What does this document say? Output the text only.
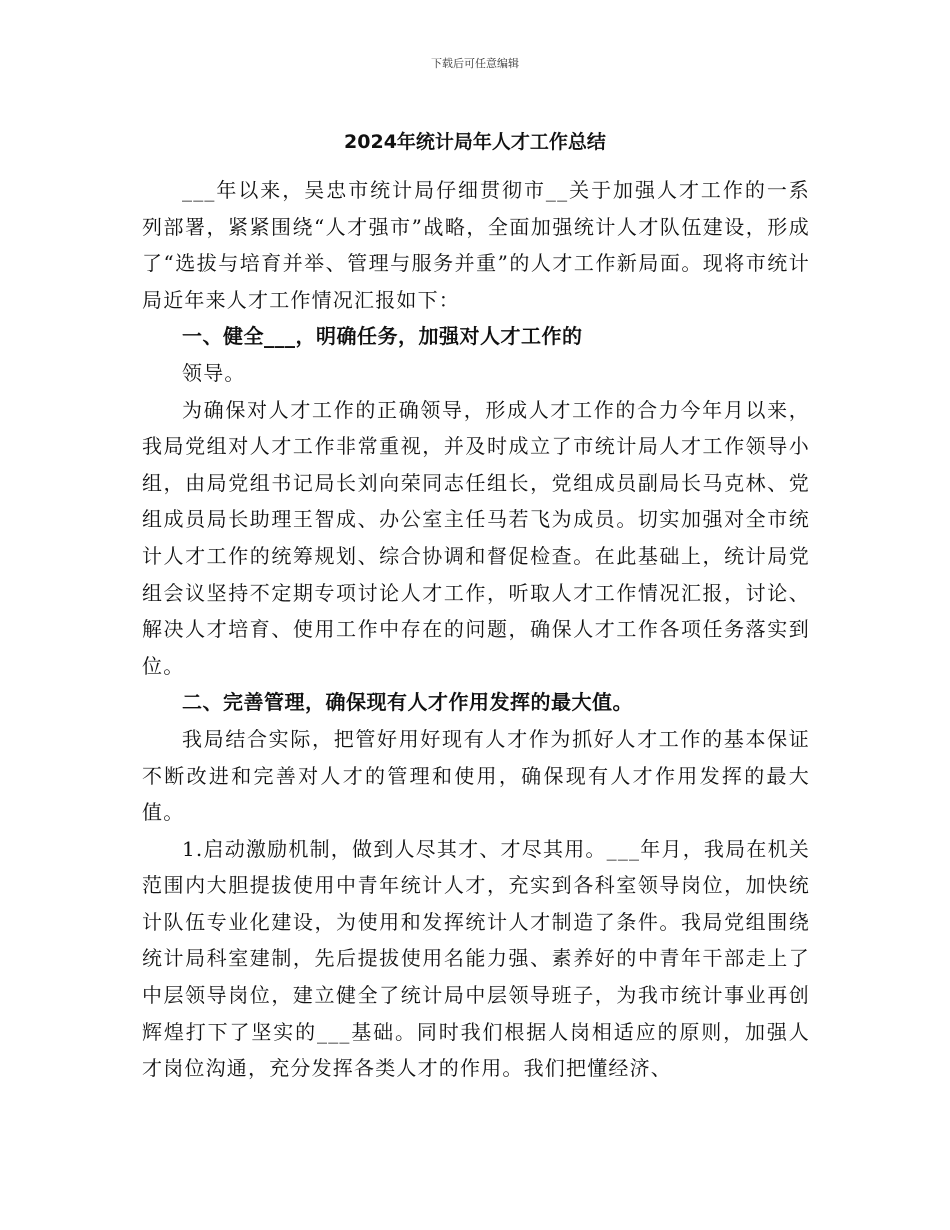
下载后可任意编辑
2024年统计局年人才工作总结

___年以来，吴忠市统计局仔细贯彻市__关于加强人才工作的一系列部署，紧紧围绕“人才强市”战略，全面加强统计人才队伍建设，形成了“选拔与培育并举、管理与服务并重”的人才工作新局面。现将市统计局近年来人才工作情况汇报如下：

一、健全___，明确任务，加强对人才工作的

领导。

为确保对人才工作的正确领导，形成人才工作的合力今年月以来，我局党组对人才工作非常重视，并及时成立了市统计局人才工作领导小组，由局党组书记局长刘向荣同志任组长，党组成员副局长马克林、党组成员局长助理王智成、办公室主任马若飞为成员。切实加强对全市统计人才工作的统筹规划、综合协调和督促检查。在此基础上，统计局党组会议坚持不定期专项讨论人才工作，听取人才工作情况汇报，讨论、解决人才培育、使用工作中存在的问题，确保人才工作各项任务落实到位。

二、完善管理，确保现有人才作用发挥的最大值。

我局结合实际，把管好用好现有人才作为抓好人才工作的基本保证不断改进和完善对人才的管理和使用，确保现有人才作用发挥的最大值。

1.启动激励机制，做到人尽其才、才尽其用。___年月，我局在机关范围内大胆提拔使用中青年统计人才，充实到各科室领导岗位，加快统计队伍专业化建设，为使用和发挥统计人才制造了条件。我局党组围绕统计局科室建制，先后提拔使用名能力强、素养好的中青年干部走上了中层领导岗位，建立健全了统计局中层领导班子，为我市统计事业再创辉煌打下了坚实的___基础。同时我们根据人岗相适应的原则，加强人才岗位沟通，充分发挥各类人才的作用。我们把懂经济、
